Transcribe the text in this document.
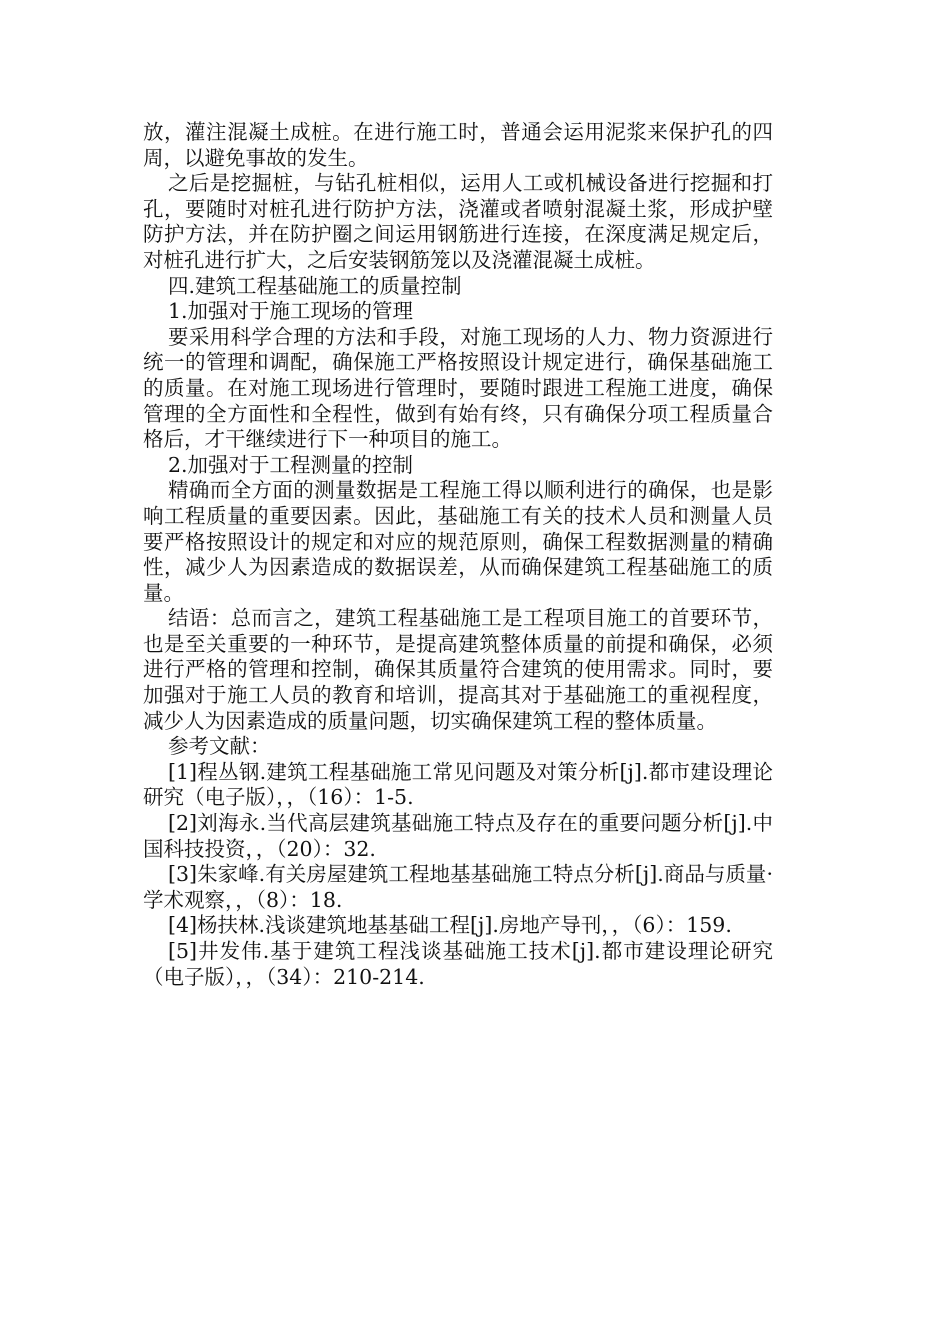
放，灌注混凝土成桩。在进行施工时，普通会运用泥浆来保护孔的四周，以避免事故的发生。

之后是挖掘桩，与钻孔桩相似，运用人工或机械设备进行挖掘和打孔，要随时对桩孔进行防护方法，浇灌或者喷射混凝土浆，形成护壁防护方法，并在防护圈之间运用钢筋进行连接，在深度满足规定后，对桩孔进行扩大，之后安装钢筋笼以及浇灌混凝土成桩。

四.建筑工程基础施工的质量控制

1.加强对于施工现场的管理

要采用科学合理的方法和手段，对施工现场的人力、物力资源进行统一的管理和调配，确保施工严格按照设计规定进行，确保基础施工的质量。在对施工现场进行管理时，要随时跟进工程施工进度，确保管理的全方面性和全程性，做到有始有终，只有确保分项工程质量合格后，才干继续进行下一种项目的施工。

2.加强对于工程测量的控制

精确而全方面的测量数据是工程施工得以顺利进行的确保，也是影响工程质量的重要因素。因此，基础施工有关的技术人员和测量人员要严格按照设计的规定和对应的规范原则，确保工程数据测量的精确性，减少人为因素造成的数据误差，从而确保建筑工程基础施工的质量。

结语：总而言之，建筑工程基础施工是工程项目施工的首要环节，也是至关重要的一种环节，是提高建筑整体质量的前提和确保，必须进行严格的管理和控制，确保其质量符合建筑的使用需求。同时，要加强对于施工人员的教育和培训，提高其对于基础施工的重视程度，减少人为因素造成的质量问题，切实确保建筑工程的整体质量。

参考文献：

[1]程丛钢.建筑工程基础施工常见问题及对策分析[j].都市建设理论研究（电子版），，（16）：1-5.

[2]刘海永.当代高层建筑基础施工特点及存在的重要问题分析[j].中国科技投资，，（20）：32.

[3]朱家峰.有关房屋建筑工程地基基础施工特点分析[j].商品与质量·学术观察，，（8）：18.

[4]杨扶林.浅谈建筑地基基础工程[j].房地产导刊，，（6）：159.

[5]井发伟.基于建筑工程浅谈基础施工技术[j].都市建设理论研究（电子版），，（34）：210-214.
